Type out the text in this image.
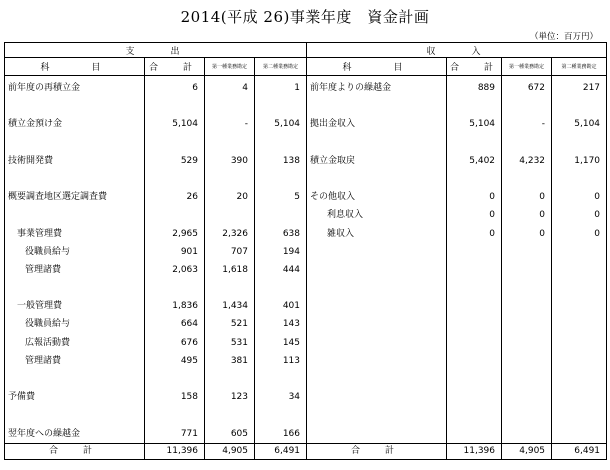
2014(平成 26)事業年度　資金計画
（単位：百万円）
支　　出				収　　入			
科　　目	合　計	第一種業務勘定	第二種業務勘定	科　　目	合　計	第一種業務勘定	第二種業務勘定
前年度の再積立金	6	4	1	前年度よりの繰越金	889	672	217

積立金預け金	5,104	-	5,104	拠出金収入	5,104	-	5,104

技術開発費	529	390	138	積立金取戻	5,402	4,232	1,170

概要調査地区選定調査費	26	20	5	その他収入	0	0	0
				利息収入	0	0	0
事業管理費	2,965	2,326	638	雑収入	0	0	0
役職員給与	901	707	194				
管理諸費	2,063	1,618	444				

一般管理費	1,836	1,434	401				
役職員給与	664	521	143				
広報活動費	676	531	145				
管理諸費	495	381	113				

予備費	158	123	34				

翌年度への繰越金	771	605	166				
合　計	11,396	4,905	6,491	合　計	11,396	4,905	6,491
